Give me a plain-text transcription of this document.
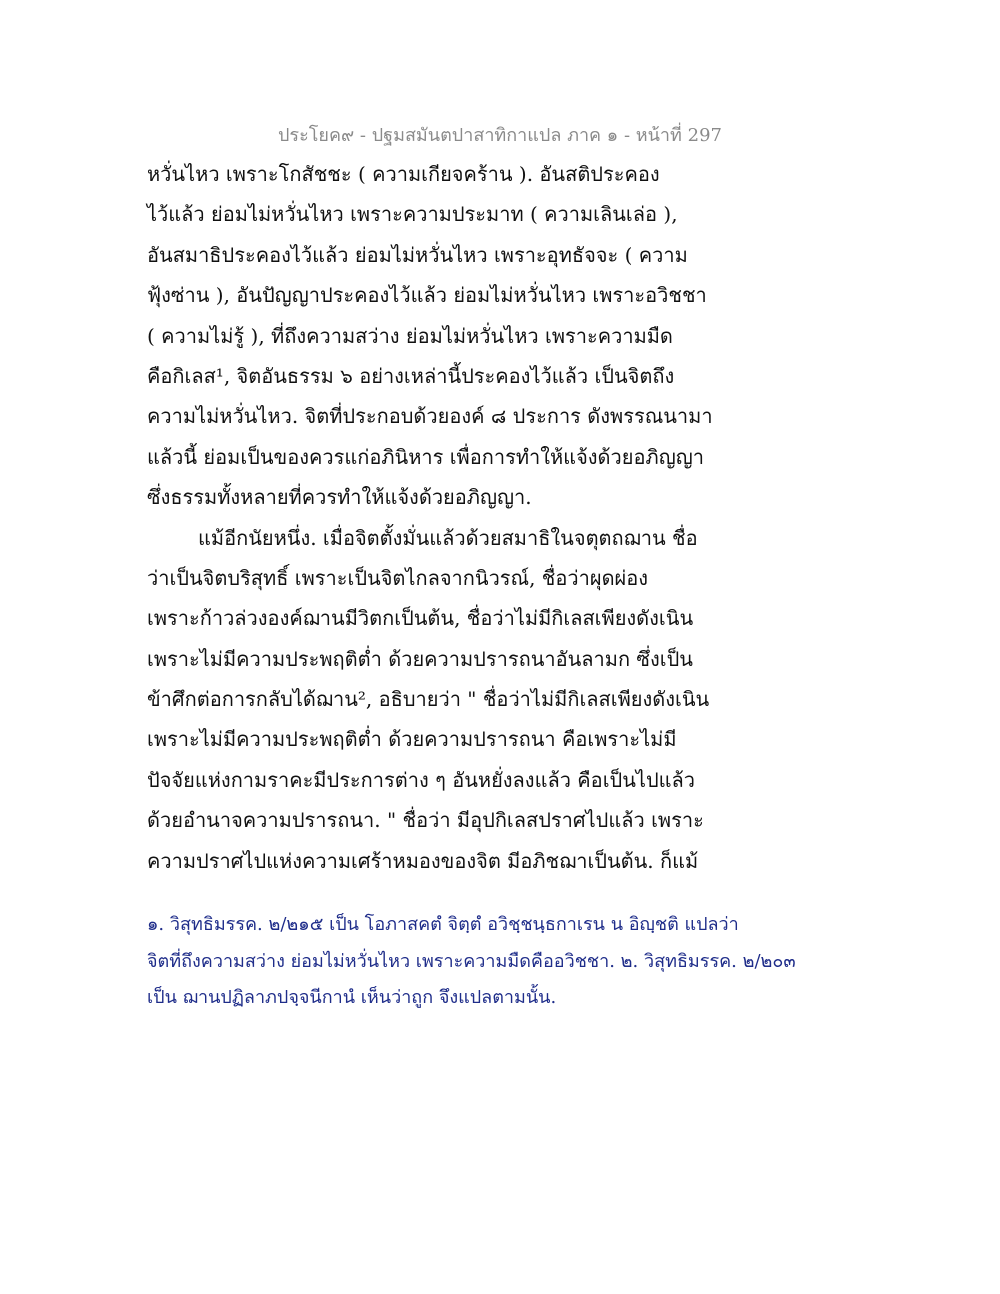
ประโยค๙ - ปฐมสมันตปาสาทิกาแปล ภาค ๑ - หน้าที่ 297
หวั่นไหว เพราะโกสัชชะ ( ความเกียจคร้าน ). อันสติประคอง
ไว้แล้ว ย่อมไม่หวั่นไหว เพราะความประมาท ( ความเลินเล่อ ),
อันสมาธิประคองไว้แล้ว ย่อมไม่หวั่นไหว เพราะอุทธัจจะ ( ความ
ฟุ้งซ่าน ), อันปัญญาประคองไว้แล้ว ย่อมไม่หวั่นไหว เพราะอวิชชา
( ความไม่รู้ ), ที่ถึงความสว่าง ย่อมไม่หวั่นไหว เพราะความมืด
คือกิเลส¹, จิตอันธรรม ๖ อย่างเหล่านี้ประคองไว้แล้ว เป็นจิตถึง
ความไม่หวั่นไหว. จิตที่ประกอบด้วยองค์ ๘ ประการ ดังพรรณนามา
แล้วนี้ ย่อมเป็นของควรแก่อภินิหาร เพื่อการทำให้แจ้งด้วยอภิญญา
ซึ่งธรรมทั้งหลายที่ควรทำให้แจ้งด้วยอภิญญา.
แม้อีกนัยหนึ่ง. เมื่อจิตตั้งมั่นแล้วด้วยสมาธิในจตุตถฌาน ชื่อ
ว่าเป็นจิตบริสุทธิ์ เพราะเป็นจิตไกลจากนิวรณ์, ชื่อว่าผุดผ่อง
เพราะก้าวล่วงองค์ฌานมีวิตกเป็นต้น, ชื่อว่าไม่มีกิเลสเพียงดังเนิน
เพราะไม่มีความประพฤติต่ำ ด้วยความปรารถนาอันลามก ซึ่งเป็น
ข้าศึกต่อการกลับได้ฌาน², อธิบายว่า " ชื่อว่าไม่มีกิเลสเพียงดังเนิน
เพราะไม่มีความประพฤติต่ำ ด้วยความปรารถนา คือเพราะไม่มี
ปัจจัยแห่งกามราคะมีประการต่าง ๆ อันหยั่งลงแล้ว คือเป็นไปแล้ว
ด้วยอำนาจความปรารถนา. " ชื่อว่า มีอุปกิเลสปราศไปแล้ว เพราะ
ความปราศไปแห่งความเศร้าหมองของจิต มีอภิชฌาเป็นต้น. ก็แม้
๑. วิสุทธิมรรค. ๒/๒๑๕ เป็น โอภาสคตํ จิตฺตํ อวิชฺชนฺธกาเรน น อิญฺชติ แปลว่า
จิตที่ถึงความสว่าง ย่อมไม่หวั่นไหว เพราะความมืดคืออวิชชา. ๒. วิสุทธิมรรค. ๒/๒๐๓
เป็น ฌานปฏิลาภปจฺจนีกานํ เห็นว่าถูก จึงแปลตามนั้น.
